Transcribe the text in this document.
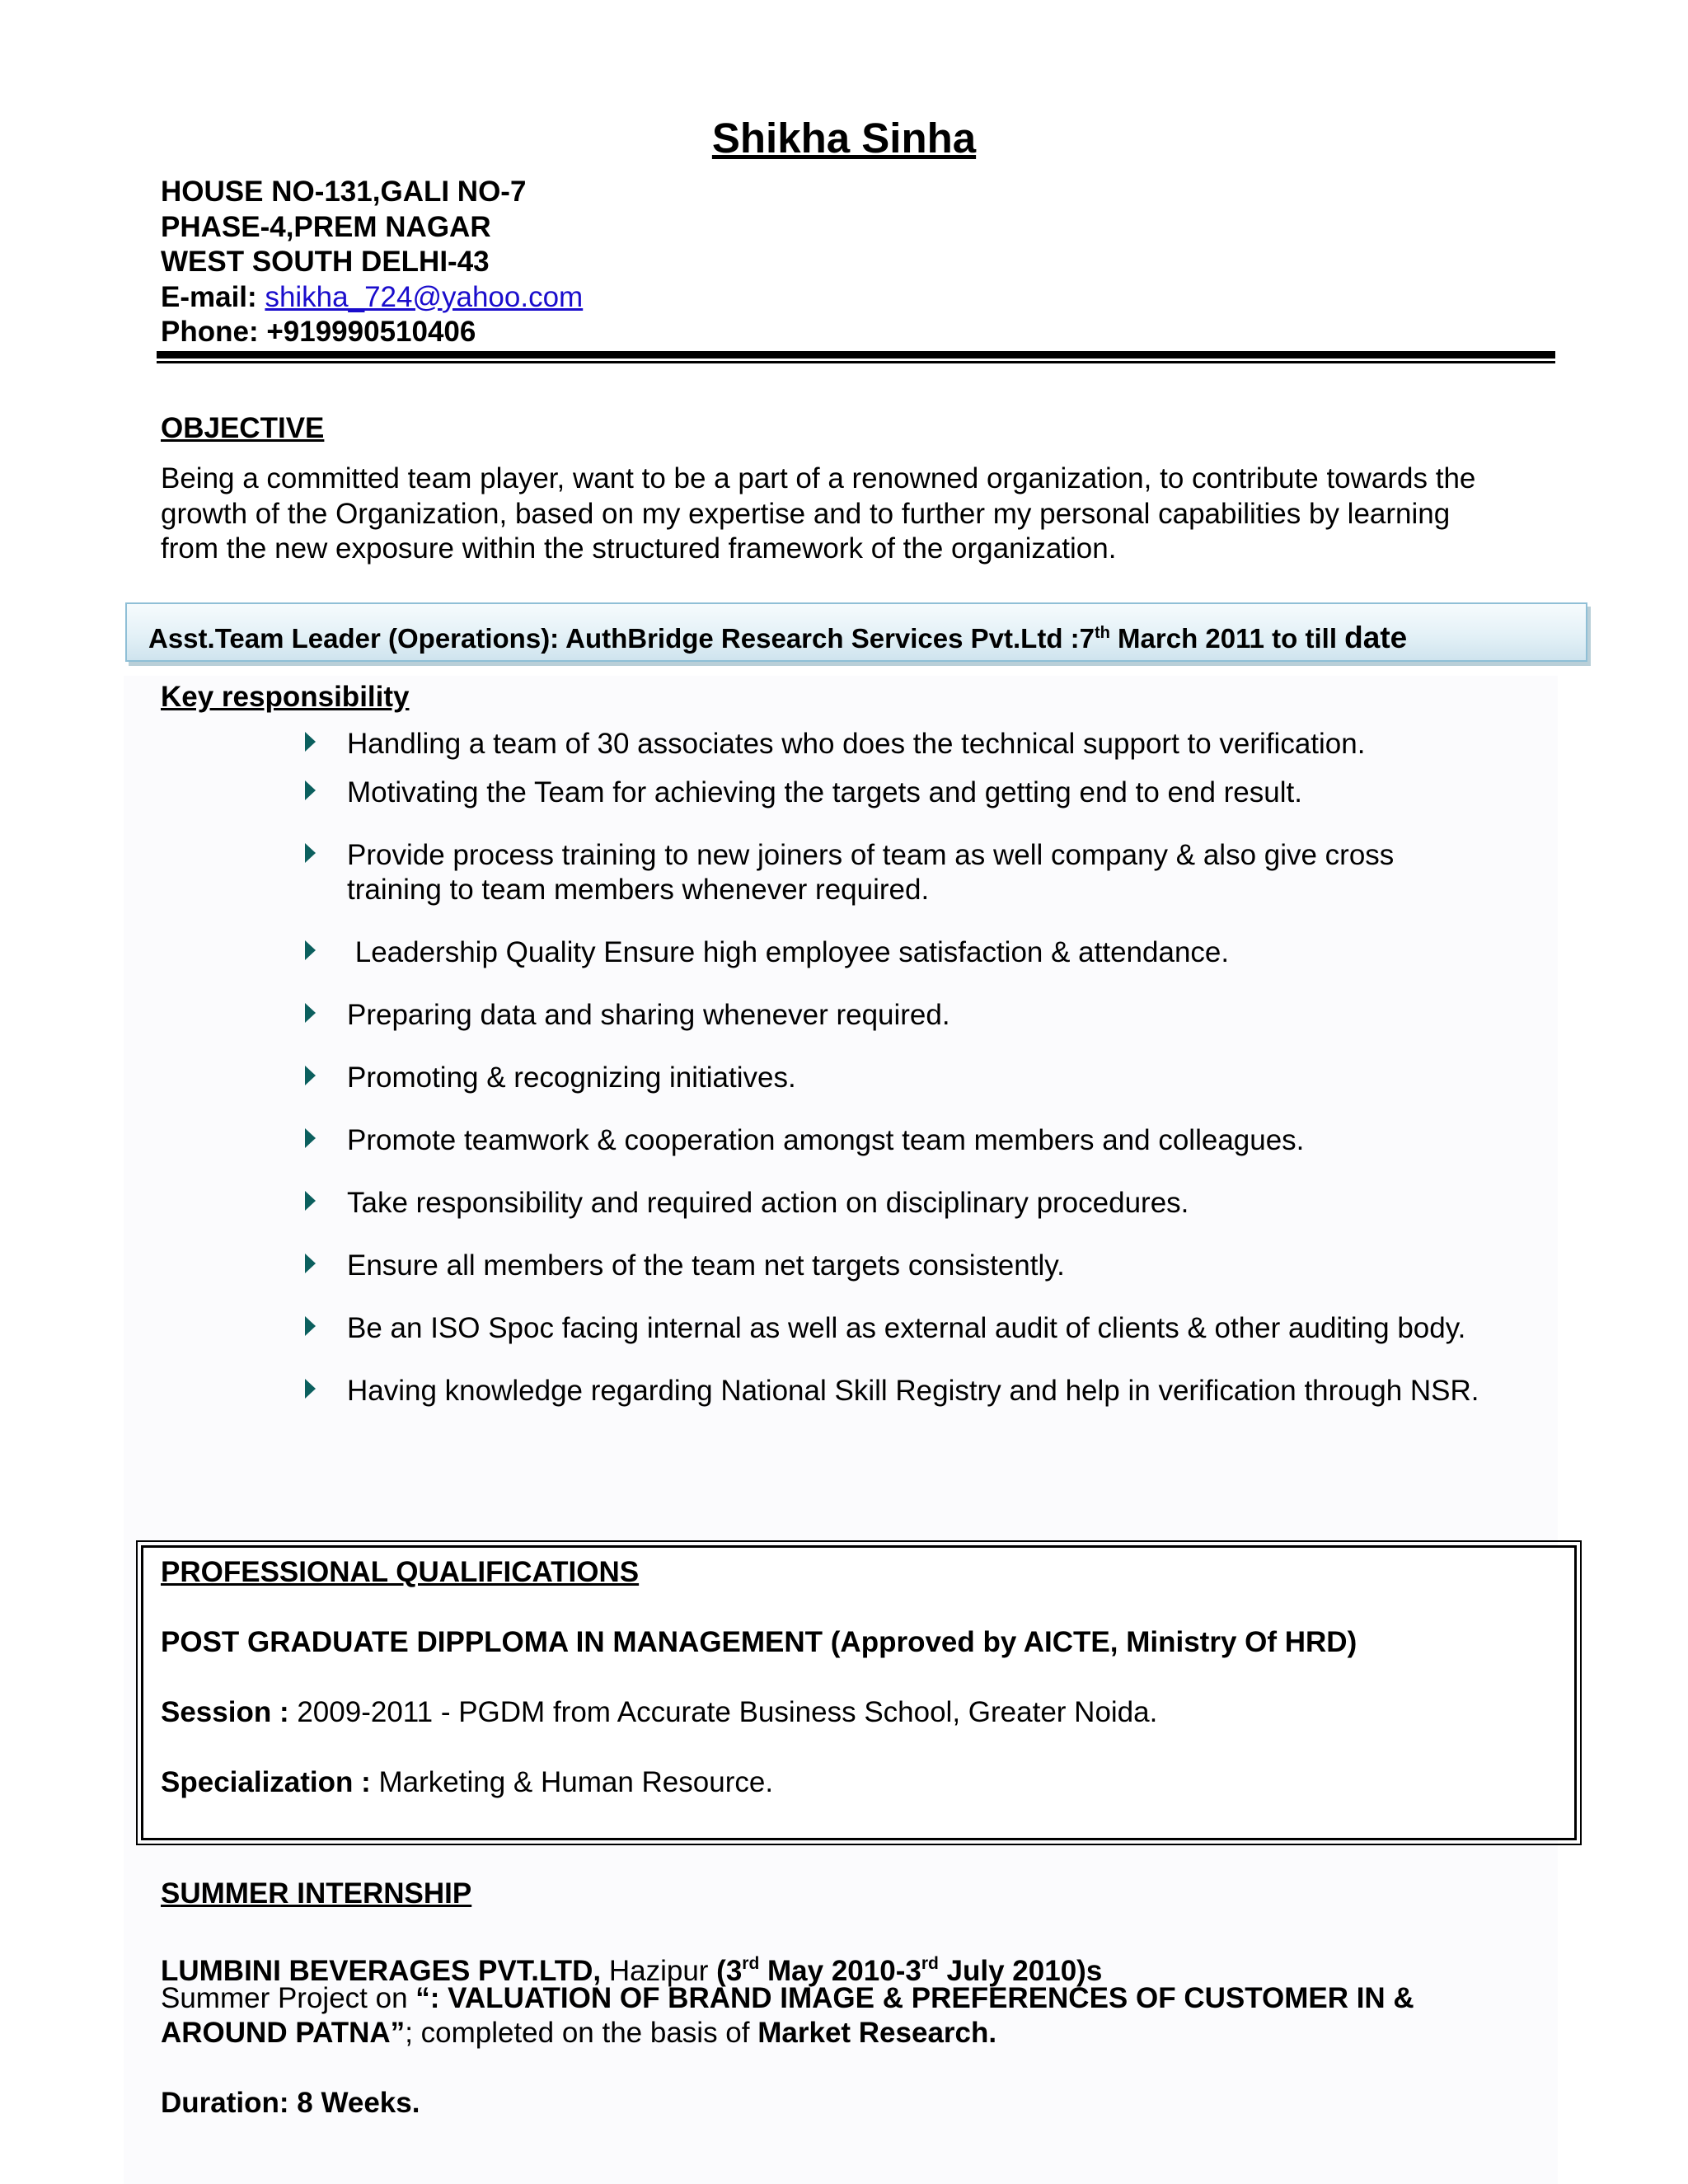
Shikha Sinha
HOUSE NO-131,GALI NO-7
PHASE-4,PREM NAGAR
WEST SOUTH DELHI-43
E-mail: shikha_724@yahoo.com
Phone: +919990510406
OBJECTIVE
Being a committed team player, want to be a part of a renowned organization, to contribute towards the
growth of the Organization, based on my expertise and to further my personal capabilities by learning
from the new exposure within the structured framework of the organization.
Asst.Team Leader (Operations): AuthBridge Research Services Pvt.Ltd :7th March 2011 to till date
Key responsibility
Handling a team of 30 associates who does the technical support to verification.
Motivating the Team for achieving the targets and getting end to end result.
Provide process training to new joiners of team as well company & also give cross
training to team members whenever required.
Leadership Quality Ensure high employee satisfaction & attendance.
Preparing data and sharing whenever required.
Promoting & recognizing initiatives.
Promote teamwork & cooperation amongst team members and colleagues.
Take responsibility and required action on disciplinary procedures.
Ensure all members of the team net targets consistently.
Be an ISO Spoc facing internal as well as external audit of clients & other auditing body.
Having knowledge regarding National Skill Registry and help in verification through NSR.
PROFESSIONAL QUALIFICATIONS
POST GRADUATE DIPPLOMA IN MANAGEMENT (Approved by AICTE, Ministry Of HRD)
Session : 2009-2011 - PGDM from Accurate Business School, Greater Noida.
Specialization : Marketing & Human Resource.
SUMMER INTERNSHIP
LUMBINI BEVERAGES PVT.LTD, Hazipur (3rd May 2010-3rd July 2010)s
Summer Project on “: VALUATION OF BRAND IMAGE & PREFERENCES OF CUSTOMER IN &
AROUND PATNA”; completed on the basis of Market Research.
Duration: 8 Weeks.
